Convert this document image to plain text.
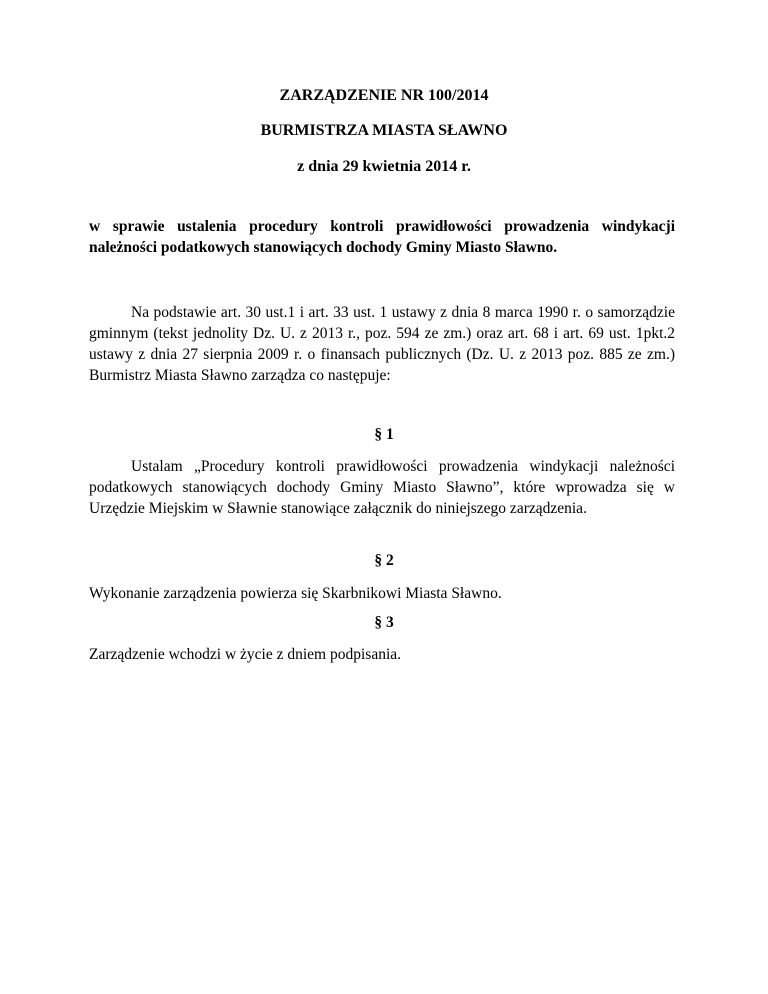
ZARZĄDZENIE NR 100/2014
BURMISTRZA MIASTA SŁAWNO
z dnia 29 kwietnia 2014 r.
w sprawie ustalenia procedury kontroli prawidłowości prowadzenia windykacji należności podatkowych stanowiących dochody Gminy Miasto Sławno.
Na podstawie art. 30 ust.1 i art. 33 ust. 1 ustawy z dnia 8 marca 1990 r. o samorządzie gminnym (tekst jednolity Dz. U. z 2013 r., poz. 594 ze zm.) oraz art. 68 i art. 69 ust. 1pkt.2 ustawy z dnia 27 sierpnia 2009 r. o finansach publicznych (Dz. U. z 2013 poz. 885 ze zm.) Burmistrz Miasta Sławno zarządza co następuje:
§ 1
Ustalam „Procedury kontroli prawidłowości prowadzenia windykacji należności podatkowych stanowiących dochody Gminy Miasto Sławno”, które wprowadza się w Urzędzie Miejskim w Sławnie stanowiące załącznik do niniejszego zarządzenia.
§ 2
Wykonanie zarządzenia powierza się Skarbnikowi Miasta Sławno.
§ 3
Zarządzenie wchodzi w życie z dniem podpisania.
